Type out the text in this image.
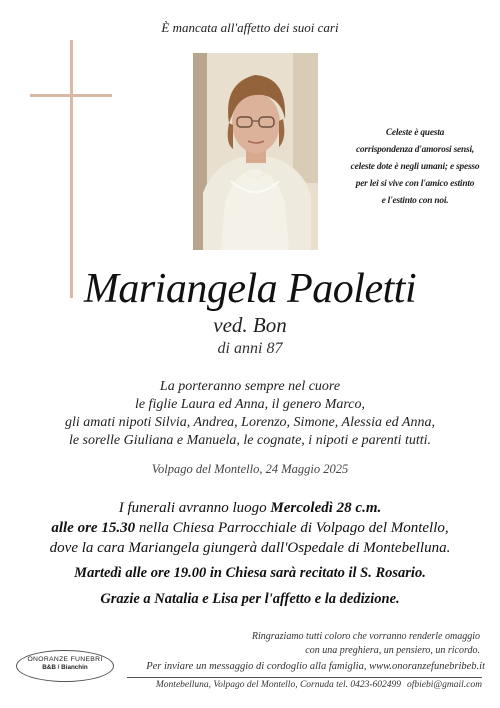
È mancata all'affetto dei suoi cari
Celeste è questa
corrispondenza d'amorosi sensi,
celeste dote è negli umani; e spesso
per lei si vive con l'amico estinto
e l'estinto con noi.
Mariangela Paoletti
ved. Bon
di anni 87
La porteranno sempre nel cuore
le figlie Laura ed Anna, il genero Marco,
gli amati nipoti Silvia, Andrea, Lorenzo, Simone, Alessia ed Anna,
le sorelle Giuliana e Manuela, le cognate, i nipoti e parenti tutti.
Volpago del Montello, 24 Maggio 2025
I funerali avranno luogo Mercoledì 28 c.m.
alle ore 15.30 nella Chiesa Parrocchiale di Volpago del Montello,
dove la cara Mariangela giungerà dall'Ospedale di Montebelluna.
Martedì alle ore 19.00 in Chiesa sarà recitato il S. Rosario.
Grazie a Natalia e Lisa per l'affetto e la dedizione.
Ringraziamo tutti coloro che vorranno renderle omaggio
con una preghiera, un pensiero, un ricordo.
ONORANZE FUNEBRI
B&B / Bianchin	Per inviare un messaggio di cordoglio alla famiglia, www.onoranzefunebribeb.it
Montebelluna, Volpago del Montello, Cornuda tel. 0423-602499 ofbiebi@gmail.com
